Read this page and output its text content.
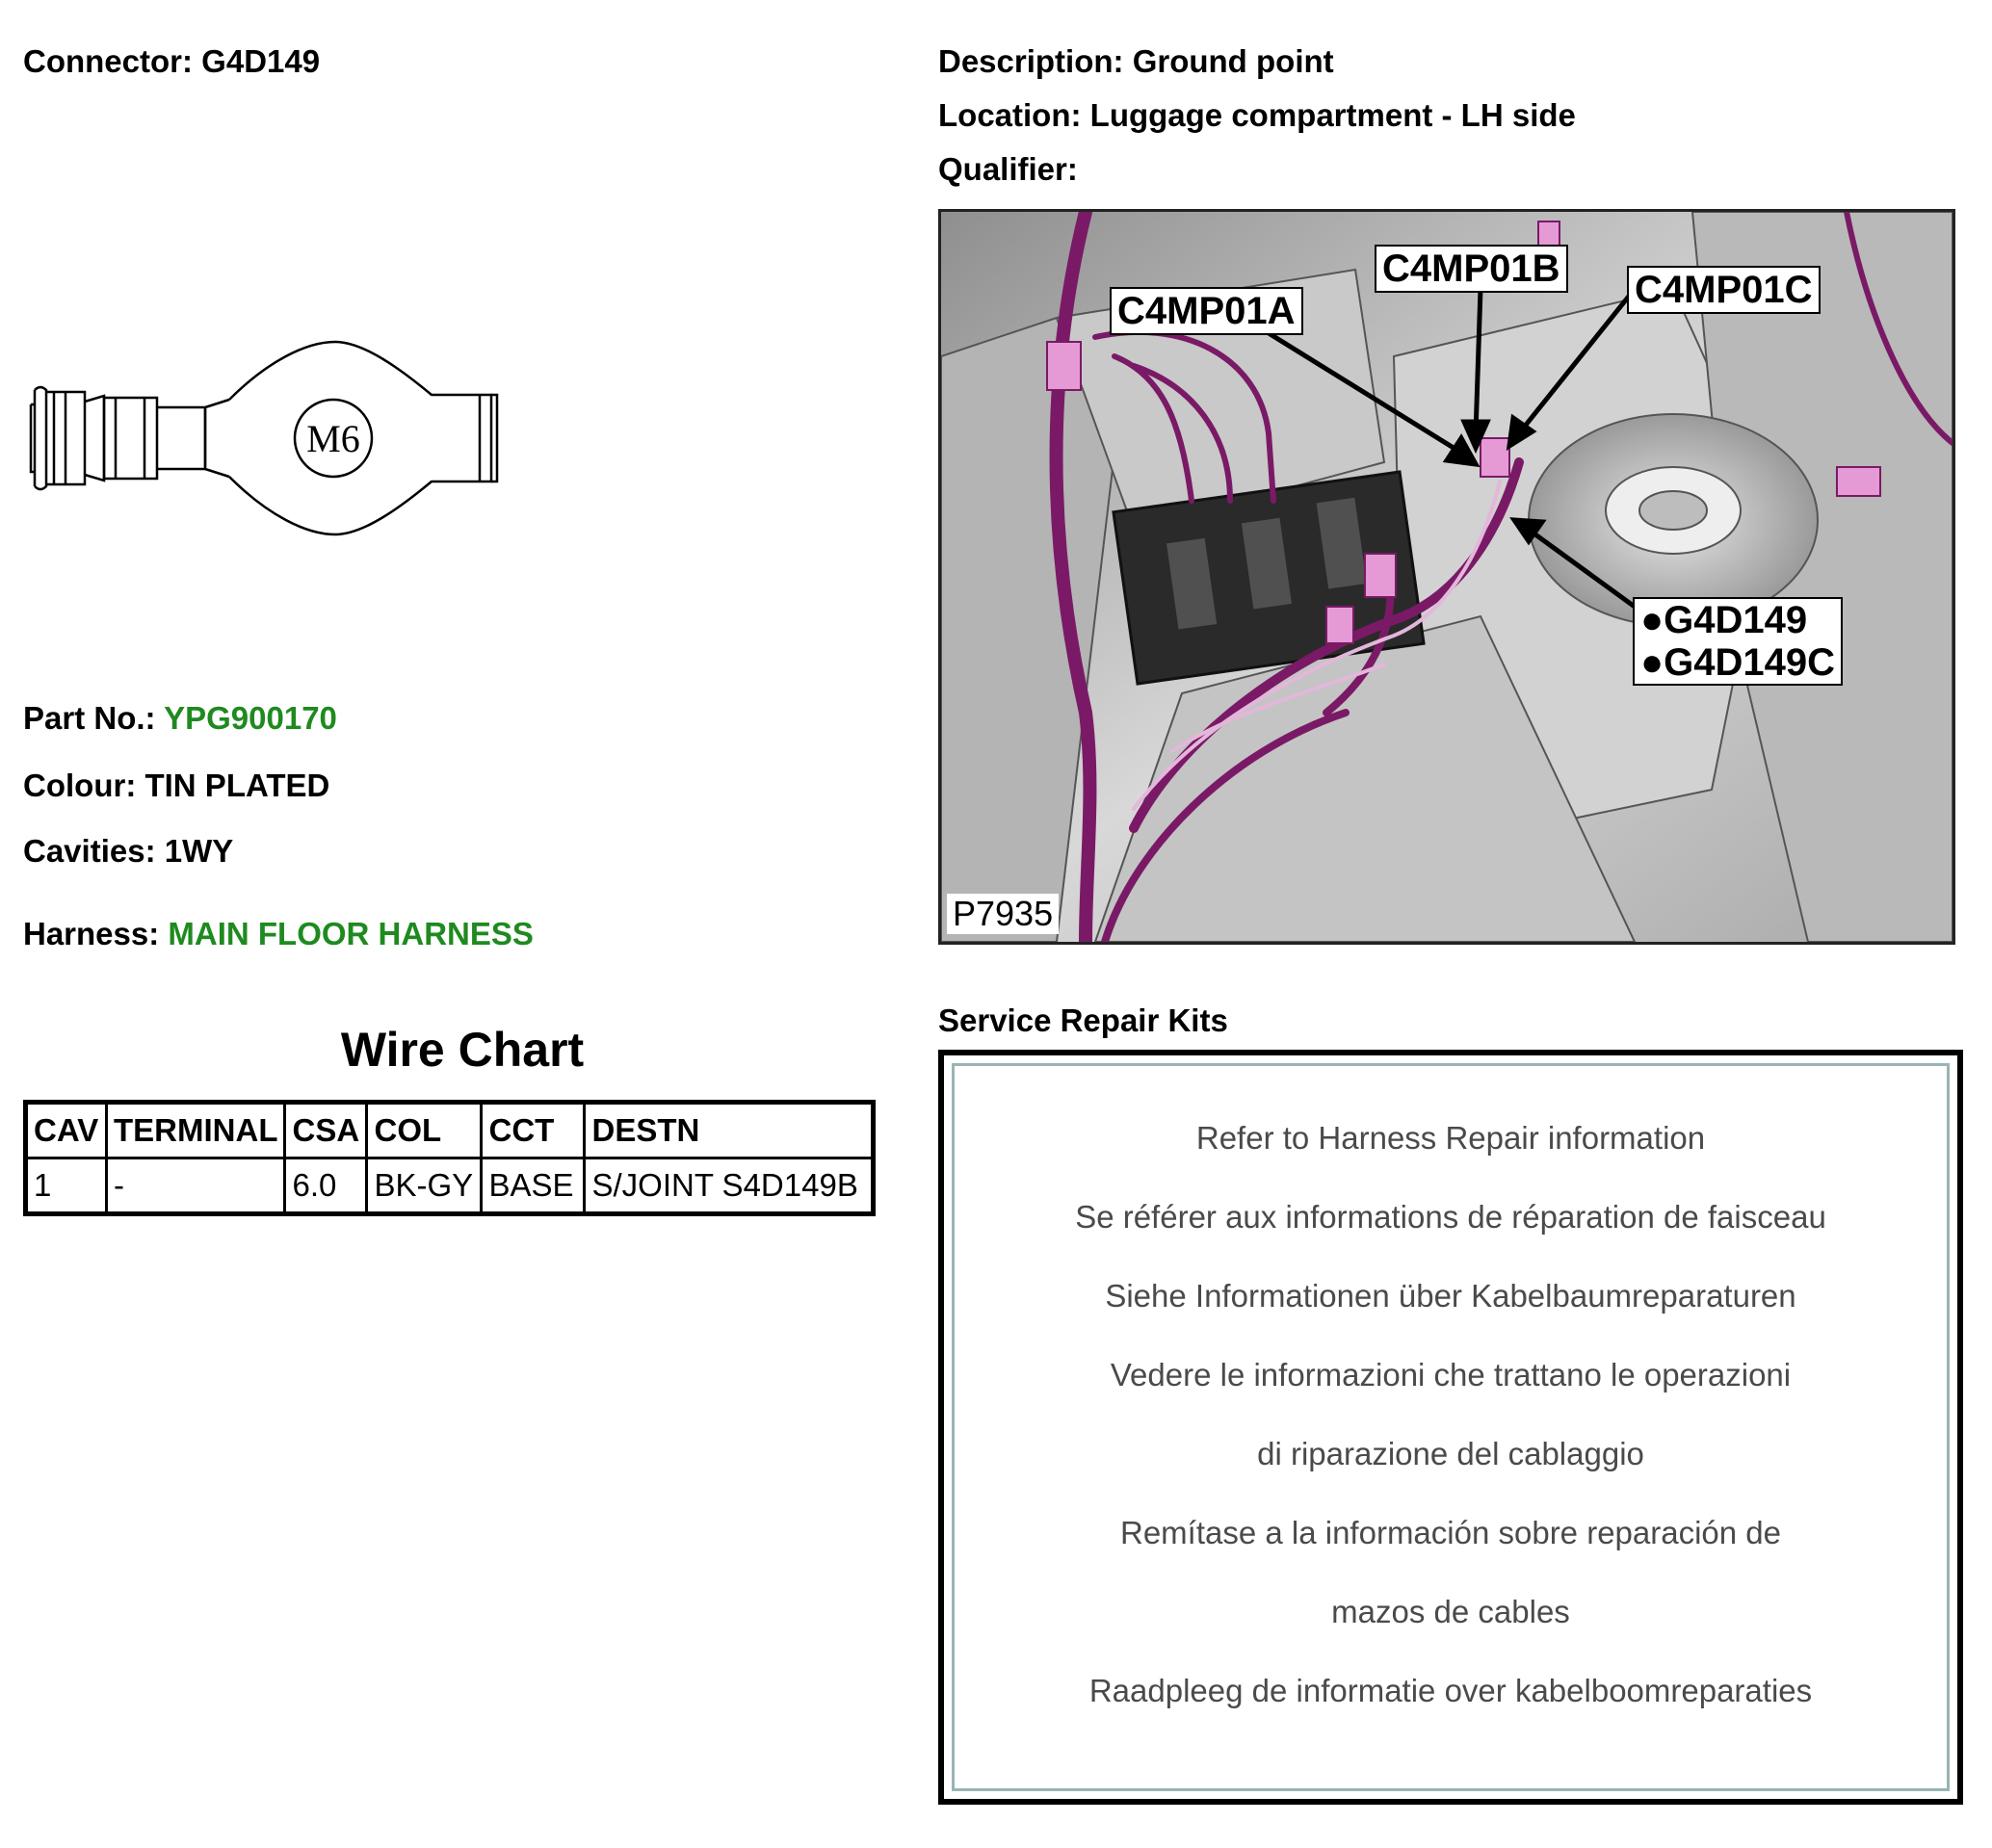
Connector: G4D149
M6
Part No.: YPG900170
Colour: TIN PLATED
Cavities: 1WY
Harness: MAIN FLOOR HARNESS
Wire Chart
CAV	TERMINAL	CSA	COL	CCT	DESTN
1	-	6.0	BK-GY	BASE	S/JOINT S4D149B
Description: Ground point
Location: Luggage compartment - LH side
Qualifier:
C4MP01A
C4MP01B C4MP01C
●G4D149
●G4D149C
P7935
Service Repair Kits
Refer to Harness Repair information
Se référer aux informations de réparation de faisceau
Siehe Informationen über Kabelbaumreparaturen
Vedere le informazioni che trattano le operazioni
di riparazione del cablaggio
Remítase a la información sobre reparación de
mazos de cables
Raadpleeg de informatie over kabelboomreparaties
